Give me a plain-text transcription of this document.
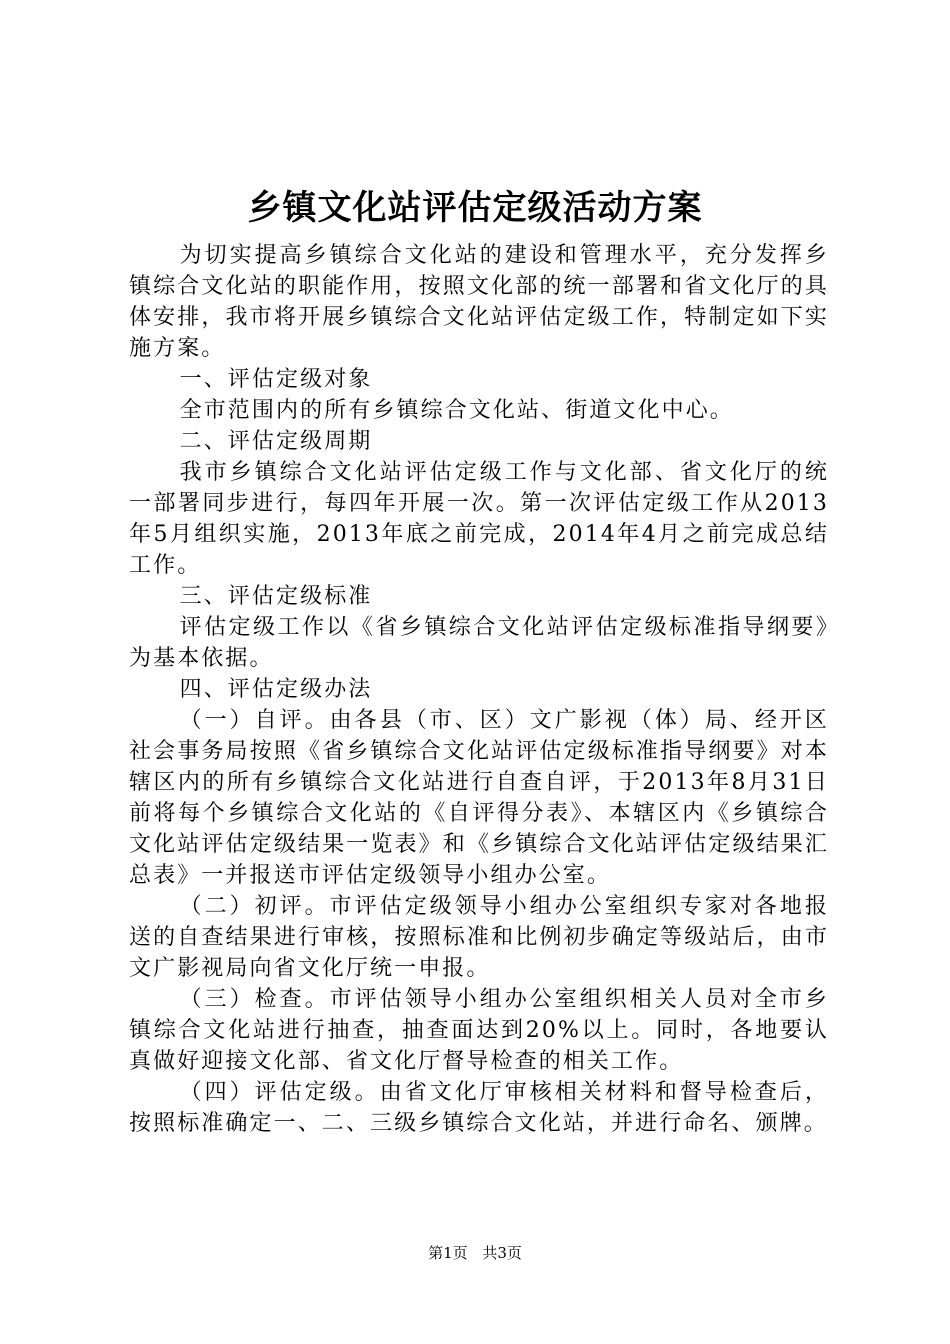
乡镇文化站评估定级活动方案

为切实提高乡镇综合文化站的建设和管理水平，充分发挥乡镇综合文化站的职能作用，按照文化部的统一部署和省文化厅的具体安排，我市将开展乡镇综合文化站评估定级工作，特制定如下实施方案。

一、评估定级对象

全市范围内的所有乡镇综合文化站、街道文化中心。

二、评估定级周期

我市乡镇综合文化站评估定级工作与文化部、省文化厅的统一部署同步进行，每四年开展一次。第一次评估定级工作从2013年5月组织实施，2013年底之前完成，2014年4月之前完成总结工作。

三、评估定级标准

评估定级工作以《省乡镇综合文化站评估定级标准指导纲要》为基本依据。

四、评估定级办法

（一）自评。由各县（市、区）文广影视（体）局、经开区社会事务局按照《省乡镇综合文化站评估定级标准指导纲要》对本辖区内的所有乡镇综合文化站进行自查自评，于2013年8月31日前将每个乡镇综合文化站的《自评得分表》、本辖区内《乡镇综合文化站评估定级结果一览表》和《乡镇综合文化站评估定级结果汇总表》一并报送市评估定级领导小组办公室。

（二）初评。市评估定级领导小组办公室组织专家对各地报送的自查结果进行审核，按照标准和比例初步确定等级站后，由市文广影视局向省文化厅统一申报。

（三）检查。市评估领导小组办公室组织相关人员对全市乡镇综合文化站进行抽查，抽查面达到20%以上。同时，各地要认真做好迎接文化部、省文化厅督导检查的相关工作。

（四）评估定级。由省文化厅审核相关材料和督导检查后，按照标准确定一、二、三级乡镇综合文化站，并进行命名、颁牌。

第1页 共3页
